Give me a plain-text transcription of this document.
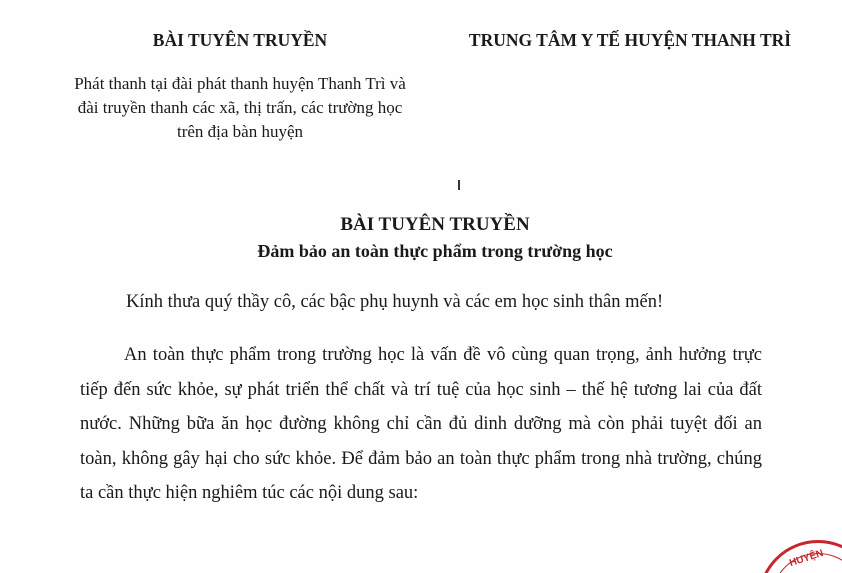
BÀI TUYÊN TRUYỀN

Phát thanh tại đài phát thanh huyện Thanh Trì và
đài truyền thanh các xã, thị trấn, các trường học
trên địa bàn huyện

TRUNG TÂM Y TẾ HUYỆN THANH TRÌ

BÀI TUYÊN TRUYỀN
Đảm bảo an toàn thực phẩm trong trường học

Kính thưa quý thầy cô, các bậc phụ huynh và các em học sinh thân mến!

An toàn thực phẩm trong trường học là vấn đề vô cùng quan trọng, ảnh hưởng trực tiếp đến sức khỏe, sự phát triển thể chất và trí tuệ của học sinh – thế hệ tương lai của đất nước. Những bữa ăn học đường không chỉ cần đủ dinh dưỡng mà còn phải tuyệt đối an toàn, không gây hại cho sức khỏe. Để đảm bảo an toàn thực phẩm trong nhà trường, chúng ta cần thực hiện nghiêm túc các nội dung sau:

HUYỆN
